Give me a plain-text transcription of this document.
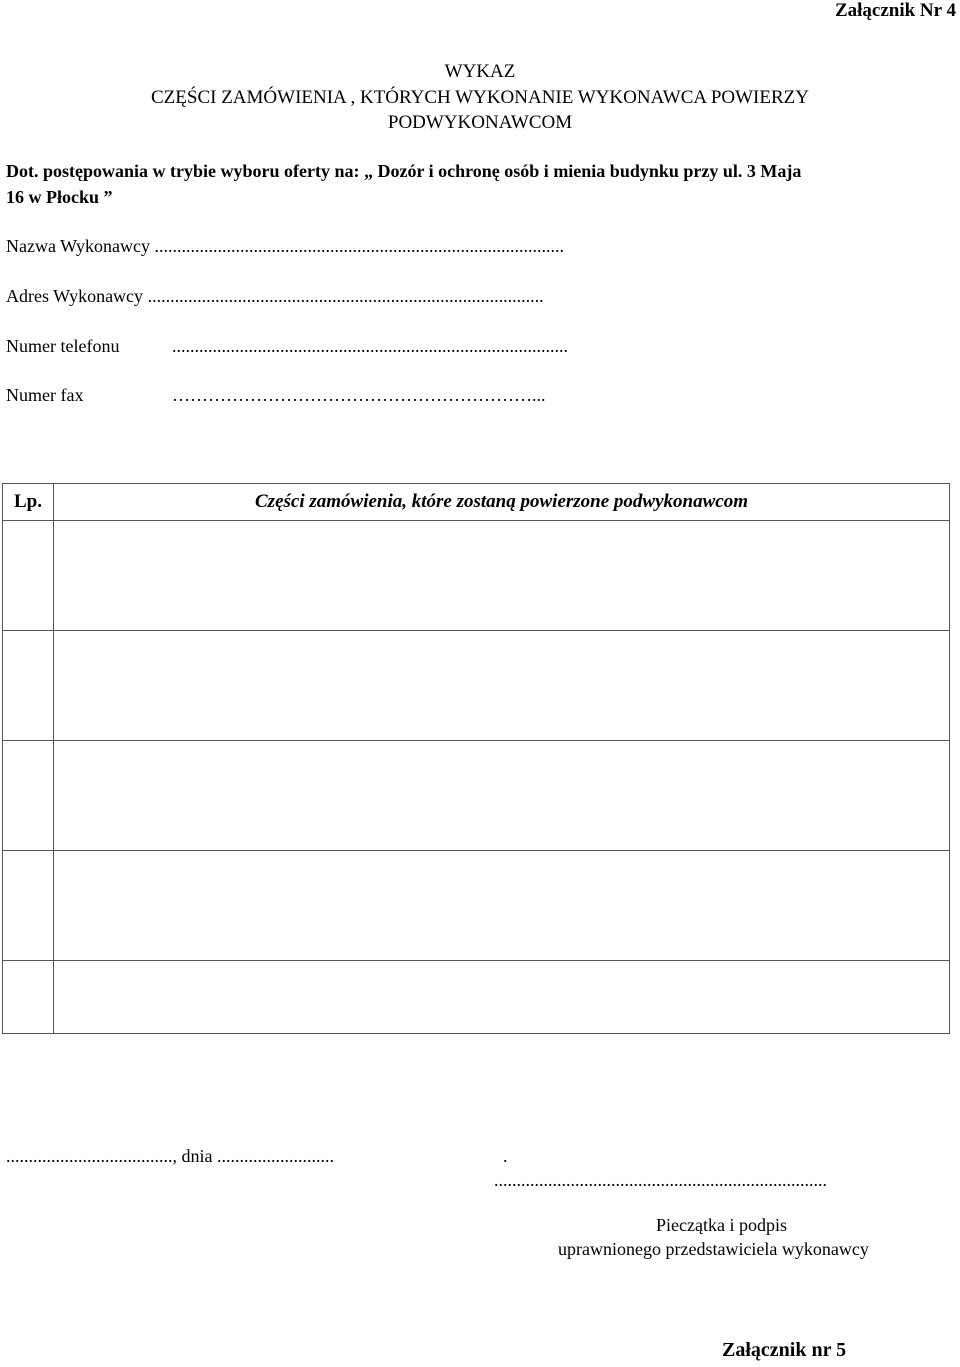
Załącznik Nr 4
WYKAZ
CZĘŚCI ZAMÓWIENIA , KTÓRYCH WYKONANIE WYKONAWCA POWIERZY
PODWYKONAWCOM
Dot. postępowania w trybie wyboru oferty na: „ Dozór i ochronę osób i mienia budynku przy ul. 3 Maja
16 w Płocku ”
Nazwa Wykonawcy ...........................................................................................
Adres Wykonawcy ........................................................................................
Numer telefonu	........................................................................................
Numer fax	……………………………………………………...
Lp.	Części zamówienia, które zostaną powierzone podwykonawcom

....................................., dnia ..........................	.
..........................................................................
Pieczątka i podpis
uprawnionego przedstawiciela wykonawcy
Załącznik nr 5
